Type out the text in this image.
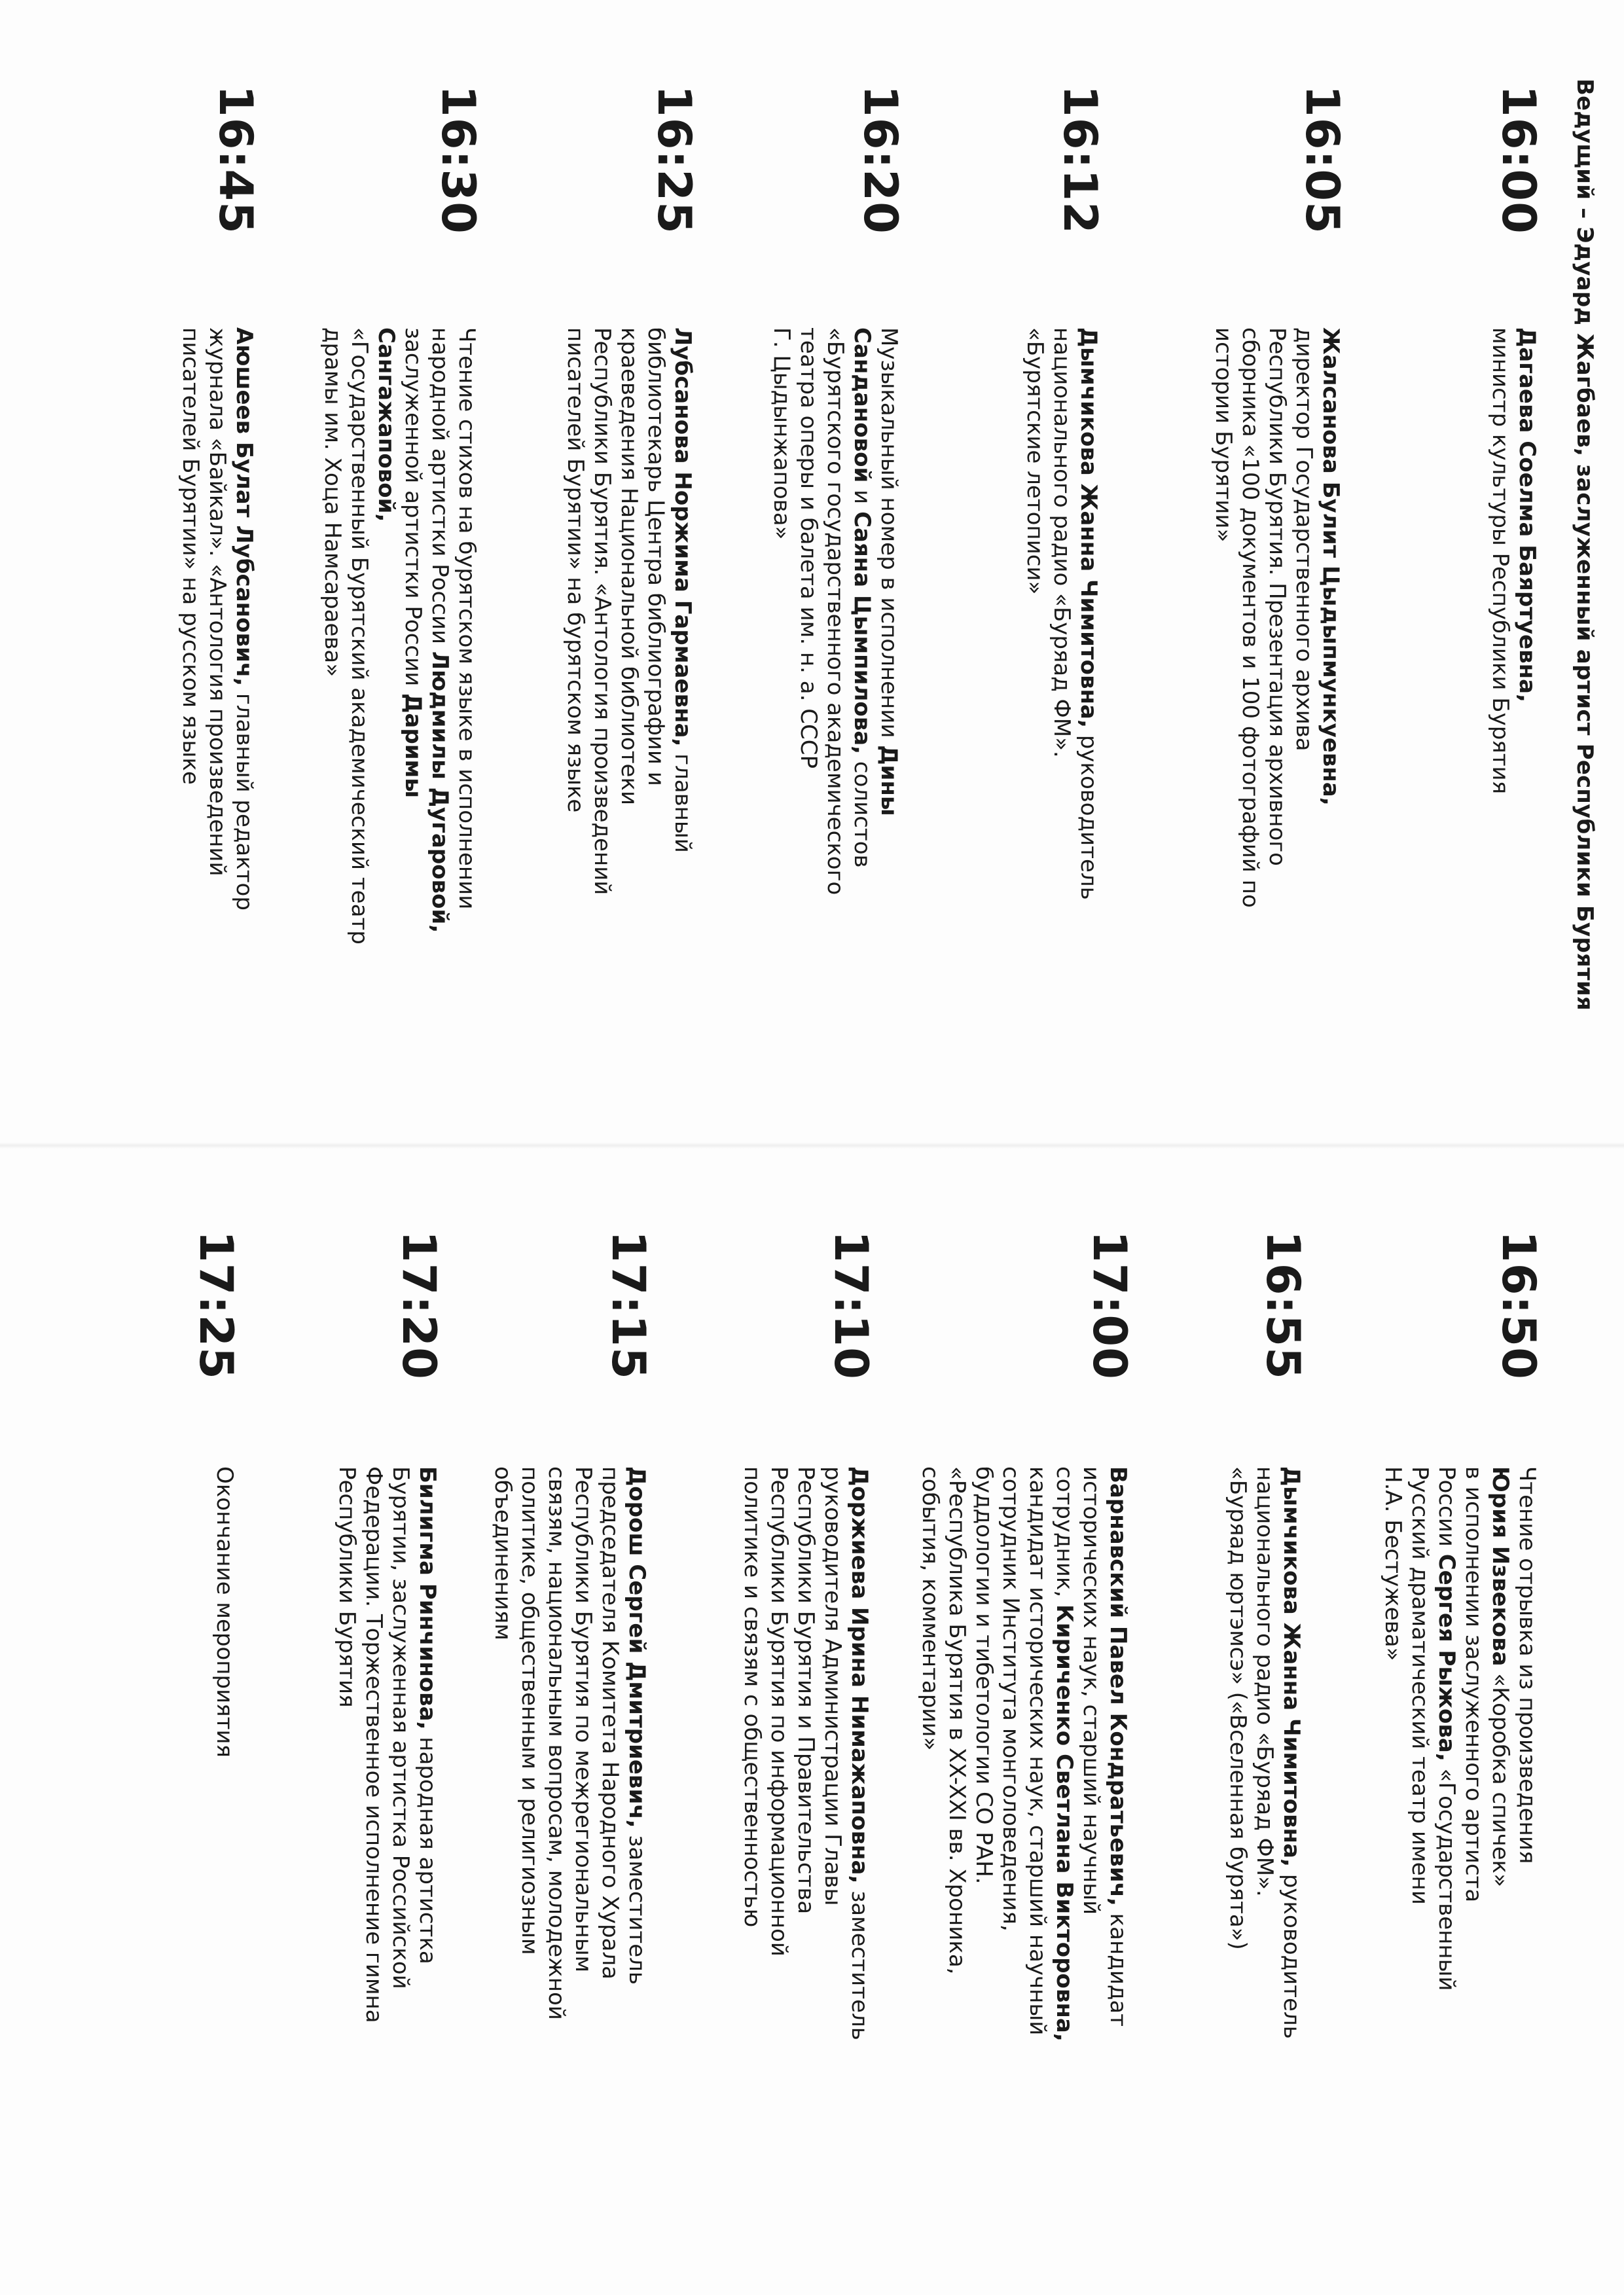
Ведущий – Эдуард Жагбаев, заслуженный артист Республики Бурятия
16:00
Дагаева Соелма Баяртуевна,
министр культуры Республики Бурятия
16:05
Жалсанова Булит Цыдыпмункуевна,
директор Государственного архива
Республики Бурятия. Презентация архивного
сборника «100 документов и 100 фотографий по
истории Бурятии»
16:12
Дымчикова Жанна Чимитовна, руководитель
национального радио «Буряад ФМ».
«Бурятские летописи»
16:20
Музыкальный номер в исполнении Дины
Сандановой и Саяна Цымпилова, солистов
«Бурятского государственного академического
театра оперы и балета им. н. а. СССР
Г. Цыдынжапова»
16:25
Лубсанова Норжима Гармаевна, главный
библиотекарь Центра библиографии и
краеведения Национальной библиотеки
Республики Бурятия. «Антология произведений
писателей Бурятии» на бурятском языке
16:30
Чтение стихов на бурятском языке в исполнении
народной артистки России Людмилы Дугаровой,
заслуженной артистки России Даримы
Сангажаповой,
«Государственный Бурятский академический театр
драмы им. Хоца Намсараева»
16:45
Аюшеев Булат Лубсанович, главный редактор
журнала «Байкал». «Антология произведений
писателей Бурятии» на русском языке
16:50
Чтение отрывка из произведения
Юрия Извекова «Коробка спичек»
в исполнении заслуженного артиста
России Сергея Рыжова, «Государственный
Русский драматический театр имени
Н.А. Бестужева»
16:55
Дымчикова Жанна Чимитовна, руководитель
национального радио «Буряад ФМ».
«Буряад юртэмсэ» («Вселенная бурята»)
17:00
Варнавский Павел Кондратьевич, кандидат
исторических наук, старший научный
сотрудник, Кириченко Светлана Викторовна,
кандидат исторических наук, старший научный
сотрудник Института монголоведения,
буддологии и тибетологии СО РАН.
«Республика Бурятия в XX-XXI вв. Хроника,
события, комментарии»
17:10
Доржиева Ирина Нимажаповна, заместитель
руководителя Администрации Главы
Республики Бурятия и Правительства
Республики Бурятия по информационной
политике и связям с общественностью
17:15
Дорош Сергей Дмитриевич, заместитель
председателя Комитета Народного Хурала
Республики Бурятия по межрегиональным
связям, национальным вопросам, молодежной
политике, общественным и религиозным
объединениям
17:20
Билигма Ринчинова, народная артистка
Бурятии, заслуженная артистка Российской
Федерации. Торжественное исполнение гимна
Республики Бурятия
17:25
Окончание мероприятия
